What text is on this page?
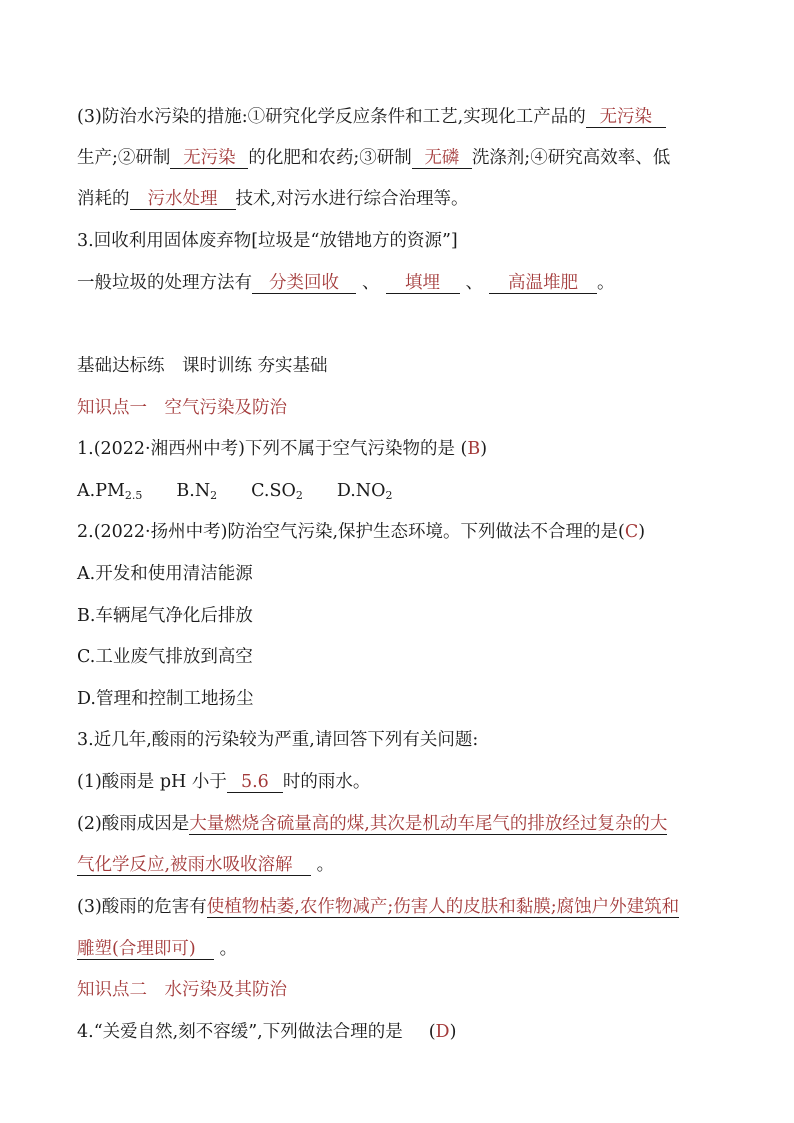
(3)防治水污染的措施:①研究化学反应条件和工艺,实现化工产品的 无污染
生产;②研制 无污染 的化肥和农药;③研制 无磷 洗涤剂;④研究高效率、低
消耗的 污水处理 技术,对污水进行综合治理等。
3.回收利用固体废弃物[垃圾是“放错地方的资源”]
一般垃圾的处理方法有 分类回收 、 填埋 、 高温堆肥 。
基础达标练　课时训练 夯实基础
知识点一　空气污染及防治
1.(2022·湘西州中考)下列不属于空气污染物的是 (B)
$A.PM_{2.5}$ $B.N_2$ $C.SO_2$ $D.NO_2$
2.(2022·扬州中考)防治空气污染,保护生态环境。下列做法不合理的是(C)
A.开发和使用清洁能源
B.车辆尾气净化后排放
C.工业废气排放到高空
D.管理和控制工地扬尘
3.近几年,酸雨的污染较为严重,请回答下列有关问题:
(1)酸雨是 pH 小于 5.6 时的雨水。
(2)酸雨成因是大量燃烧含硫量高的煤,其次是机动车尾气的排放经过复杂的大
气化学反应,被雨水吸收溶解 。
(3)酸雨的危害有使植物枯萎,农作物减产;伤害人的皮肤和黏膜;腐蚀户外建筑和
雕塑(合理即可) 。
知识点二　水污染及其防治
4.“关爱自然,刻不容缓”,下列做法合理的是 (D)
